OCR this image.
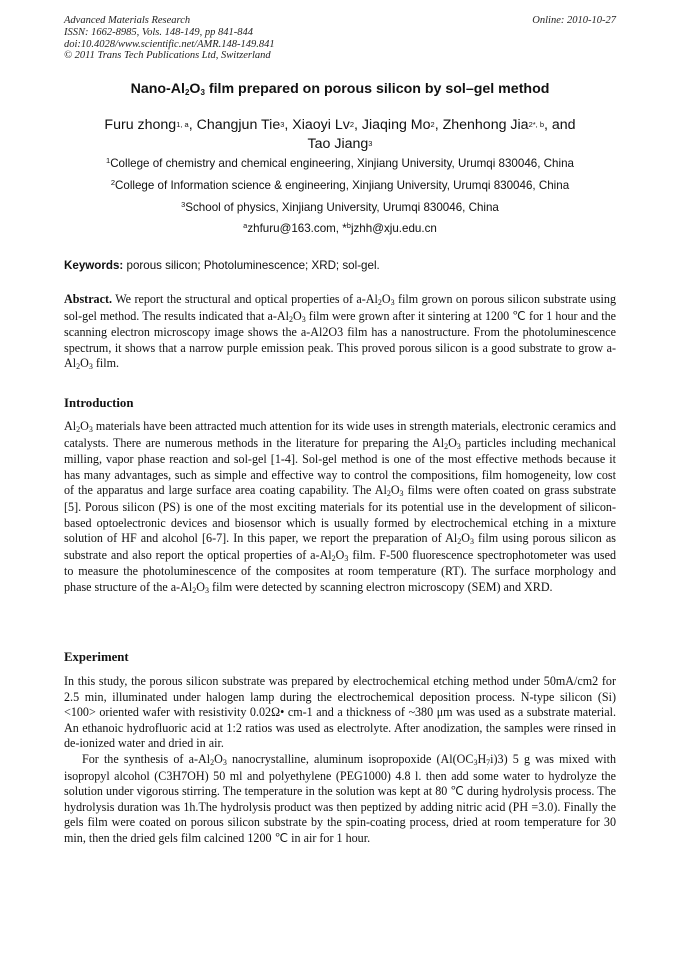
Advanced Materials Research
ISSN: 1662-8985, Vols. 148-149, pp 841-844
doi:10.4028/www.scientific.net/AMR.148-149.841
© 2011 Trans Tech Publications Ltd, Switzerland
Online: 2010-10-27
Nano-$Al_2O_3$ film prepared on porous silicon by sol–gel method
Furu zhong$^{1, a}$, Changjun Tie$^3$, Xiaoyi Lv$^2$, Jiaqing Mo$^2$, Zhenhong Jia$^{2*, b}$, and
Tao Jiang$^3$
$^1$College of chemistry and chemical engineering, Xinjiang University, Urumqi 830046, China
$^2$College of Information science & engineering, Xinjiang University, Urumqi 830046, China
$^3$School of physics, Xinjiang University, Urumqi 830046, China
$^a$zhfuru@163.com, *$^b$jzhh@xju.edu.cn
Keywords: porous silicon; Photoluminescence; XRD; sol-gel.
Abstract. We report the structural and optical properties of $a-Al_2O_3$ film grown on porous silicon substrate using sol-gel method. The results indicated that $a-Al_2O_3$ film were grown after it sintering at 1200 ℃ for 1 hour and the scanning electron microscopy image shows the a-Al2O3 film has a nanostructure. From the photoluminescence spectrum, it shows that a narrow purple emission peak. This proved porous silicon is a good substrate to grow $a-Al_2O_3$ film.
Introduction
$Al_2O_3$ materials have been attracted much attention for its wide uses in strength materials, electronic ceramics and catalysts. There are numerous methods in the literature for preparing the $Al_2O_3$ particles including mechanical milling, vapor phase reaction and sol-gel [1-4]. Sol-gel method is one of the most effective methods because it has many advantages, such as simple and effective way to control the compositions, film homogeneity, low cost of the apparatus and large surface area coating capability. The $Al_2O_3$ films were often coated on grass substrate [5]. Porous silicon (PS) is one of the most exciting materials for its potential use in the development of silicon-based optoelectronic devices and biosensor which is usually formed by electrochemical etching in a mixture solution of HF and alcohol [6-7]. In this paper, we report the preparation of $Al_2O_3$ film using porous silicon as substrate and also report the optical properties of $a-Al_2O_3$ film. F-500 fluorescence spectrophotometer was used to measure the photoluminescence of the composites at room temperature (RT). The surface morphology and phase structure of the $a-Al_2O_3$ film were detected by scanning electron microscopy (SEM) and XRD.
Experiment
In this study, the porous silicon substrate was prepared by electrochemical etching method under 50mA/cm2 for 2.5 min, illuminated under halogen lamp during the electrochemical deposition process. N-type silicon (Si) <100> oriented wafer with resistivity 0.02Ω• cm-1 and a thickness of ~380 μm was used as a substrate material. An ethanoic hydrofluoric acid at 1:2 ratios was used as electrolyte. After anodization, the samples were rinsed in de-ionized water and dried in air.
For the synthesis of $a-Al_2O_3$ nanocrystalline, aluminum isopropoxide $(Al(OC_3H_7i)3)$ 5 g was mixed with isopropyl alcohol (C3H7OH) 50 ml and polyethylene (PEG1000) 4.8 l. then add some water to hydrolyze the solution under vigorous stirring. The temperature in the solution was kept at 80 ℃ during hydrolysis process. The hydrolysis duration was 1h.The hydrolysis product was then peptized by adding nitric acid (PH =3.0). Finally the gels film were coated on porous silicon substrate by the spin-coating process, dried at room temperature for 30 min, then the dried gels film calcined 1200 ℃ in air for 1 hour.
